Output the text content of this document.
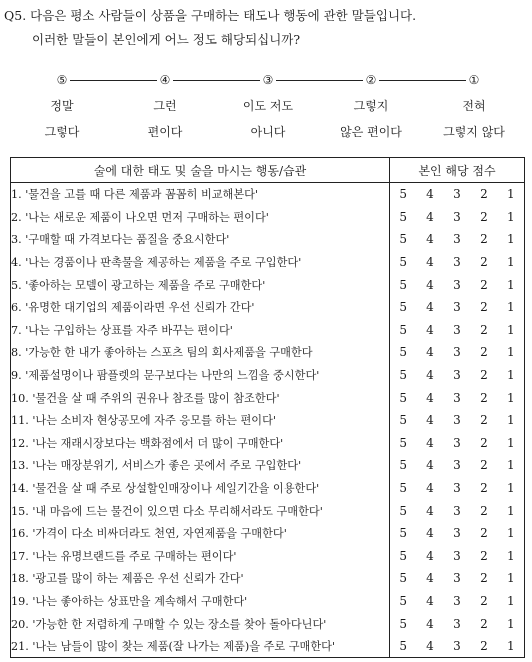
Q5. 다음은 평소 사람들이 상품을 구매하는 태도나 행동에 관한 말들입니다.
이러한 말들이 본인에게 어느 정도 해당되십니까?
⑤
정말
그렇다
④
그런
편이다
③
이도 저도
아니다
②
그렇지
않은 편이다
①
전혀
그렇지 않다
술에 대한 태도 및 술을 마시는 행동/습관	본인 해당 점수				
1. '물건을 고를 때 다른 제품과 꼼꼼히 비교해본다'	5	4	3	2	1
2. '나는 새로운 제품이 나오면 먼저 구매하는 편이다'	5	4	3	2	1
3. '구매할 때 가격보다는 품질을 중요시한다'	5	4	3	2	1
4. '나는 경품이나 판촉물을 제공하는 제품을 주로 구입한다'	5	4	3	2	1
5. '좋아하는 모델이 광고하는 제품을 주로 구매한다'	5	4	3	2	1
6. '유명한 대기업의 제품이라면 우선 신뢰가 간다'	5	4	3	2	1
7. '나는 구입하는 상표를 자주 바꾸는 편이다'	5	4	3	2	1
8. '가능한 한 내가 좋아하는 스포츠 팀의 회사제품을 구매한다	5	4	3	2	1
9. '제품설명이나 팜플렛의 문구보다는 나만의 느낌을 중시한다'	5	4	3	2	1
10. '물건을 살 때 주위의 권유나 참조를 많이 참조한다'	5	4	3	2	1
11. '나는 소비자 현상공모에 자주 응모를 하는 편이다'	5	4	3	2	1
12. '나는 재래시장보다는 백화점에서 더 많이 구매한다'	5	4	3	2	1
13. '나는 매장분위기, 서비스가 좋은 곳에서 주로 구입한다'	5	4	3	2	1
14. '물건을 살 때 주로 상설할인매장이나 세일기간을 이용한다'	5	4	3	2	1
15. '내 마음에 드는 물건이 있으면 다소 무리해서라도 구매한다'	5	4	3	2	1
16. '가격이 다소 비싸더라도 천연, 자연제품을 구매한다'	5	4	3	2	1
17. '나는 유명브랜드를 주로 구매하는 편이다'	5	4	3	2	1
18. '광고를 많이 하는 제품은 우선 신뢰가 간다'	5	4	3	2	1
19. '나는 좋아하는 상표만을 계속해서 구매한다'	5	4	3	2	1
20. '가능한 한 저렴하게 구매할 수 있는 장소를 찾아 돌아다닌다'	5	4	3	2	1
21. '나는 남들이 많이 찾는 제품(잘 나가는 제품)을 주로 구매한다'	5	4	3	2	1
